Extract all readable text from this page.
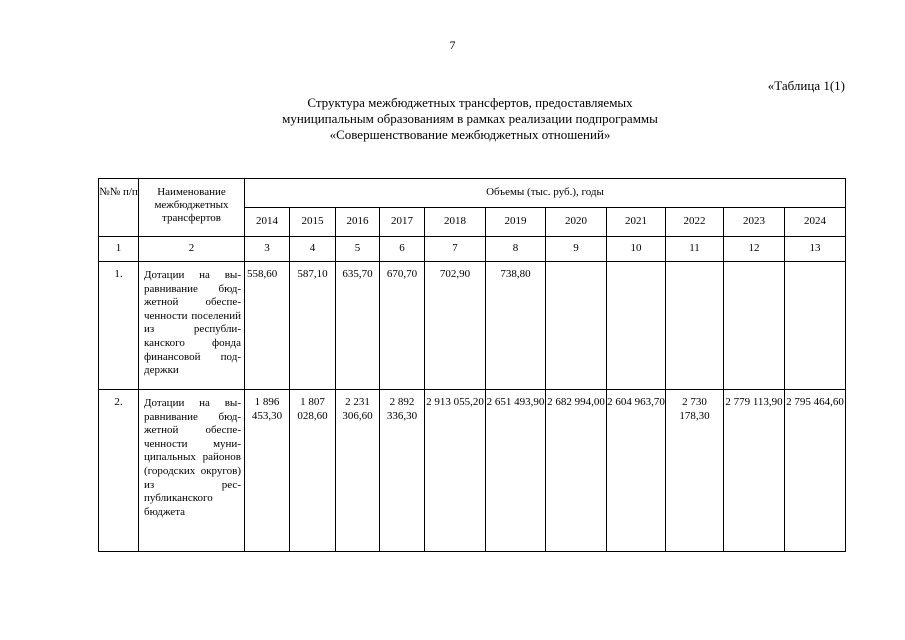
7
«Таблица 1(1)
Структура межбюджетных трансфертов, предоставляемых
муниципальным образованиям в рамках реализации подпрограммы
«Совершенствование межбюджетных отношений»
№№ п/п	Наименование межбюджетных трансфертов	Объемы (тыс. руб.), годы										
		2014	2015	2016	2017	2018	2019	2020	2021	2022	2023	2024
1	2	3	4	5	6	7	8	9	10	11	12	13
1.	Дотации на выравнивание бюджетной обеспеченности поселений из республиканского фонда финансовой поддержки	558,60	587,10	635,70	670,70	702,90	738,80					
2.	Дотации на выравнивание бюджетной обеспеченности муниципальных районов (городских округов) из республиканского бюджета	1 896 453,30	1 807 028,60	2 231 306,60	2 892 336,30	2 913 055,20	2 651 493,90	2 682 994,00	2 604 963,70	2 730 178,30	2 779 113,90	2 795 464,60
